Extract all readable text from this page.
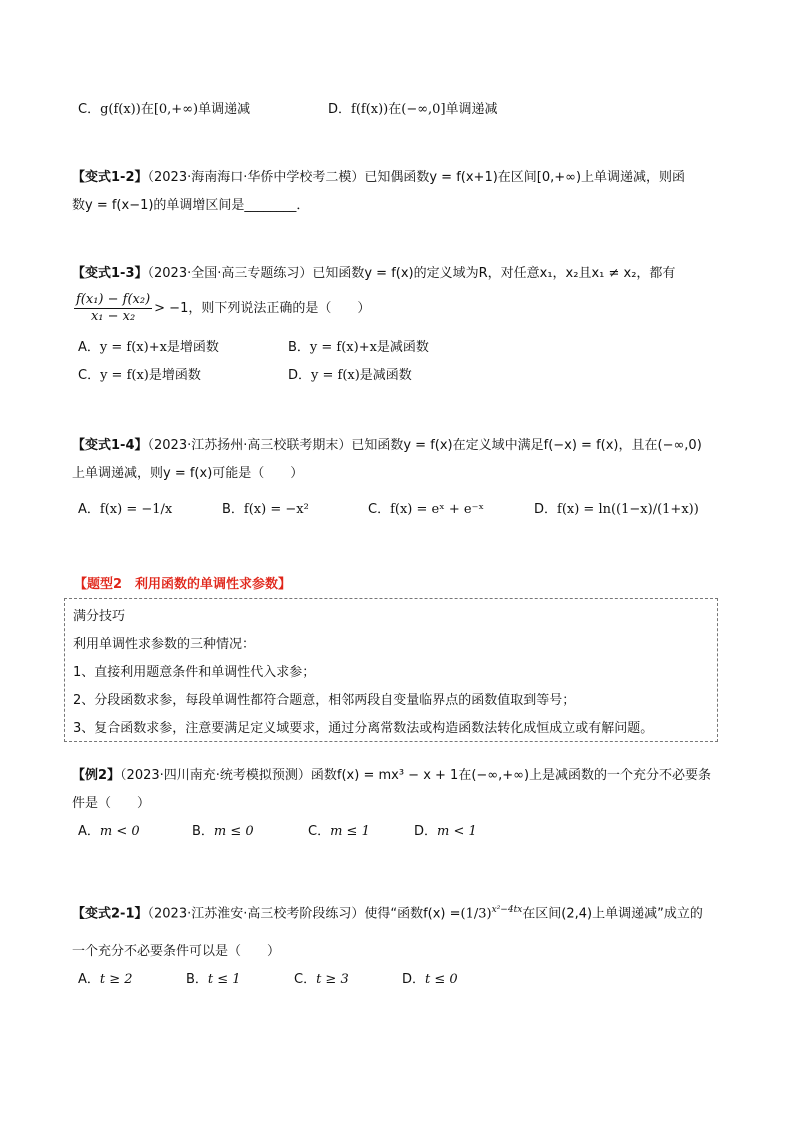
C．g(f(x))在[0,+∞)单调递减	D．f(f(x))在(−∞,0]单调递减
【变式1-2】（2023·海南海口·华侨中学校考二模）已知偶函数y = f(x+1)在区间[0,+∞)上单调递减，则函
数y = f(x−1)的单调增区间是________．
【变式1-3】（2023·全国·高三专题练习）已知函数y = f(x)的定义域为R，对任意x₁，x₂且x₁ ≠ x₂，都有
$\frac{\text{f(x₁) − f(x₂)}}{\text{x₁ − x₂}} > -1$，则下列说法正确的是（　　）
A．y = f(x)+x是增函数	B．y = f(x)+x是减函数
C．y = f(x)是增函数	D．y = f(x)是减函数
【变式1-4】（2023·江苏扬州·高三校联考期末）已知函数y = f(x)在定义域中满足f(−x) = f(x)，且在(−∞,0)
上单调递减，则y = f(x)可能是（　　）
A．f(x) = −1/x	B．f(x) = −x²	C．f(x) = eˣ + e⁻ˣ	D．f(x) = ln((1−x)/(1+x))
【题型2　利用函数的单调性求参数】
满分技巧
利用单调性求参数的三种情况：
1、直接利用题意条件和单调性代入求参；
2、分段函数求参，每段单调性都符合题意，相邻两段自变量临界点的函数值取到等号；
3、复合函数求参，注意要满足定义域要求，通过分离常数法或构造函数法转化成恒成立或有解问题。
【例2】（2023·四川南充·统考模拟预测）函数f(x) = mx³ − x + 1在(−∞,+∞)上是减函数的一个充分不必要条
件是（　　）
A．m < 0	B．m ≤ 0	C．m ≤ 1	D．m < 1
【变式2-1】（2023·江苏淮安·高三校考阶段练习）使得“函数$f(x) =(1/3)^{x^2-4tx}$在区间(2,4)上单调递减”成立的
一个充分不必要条件可以是（　　）
A．t ≥ 2	B．t ≤ 1	C．t ≥ 3	D．t ≤ 0
